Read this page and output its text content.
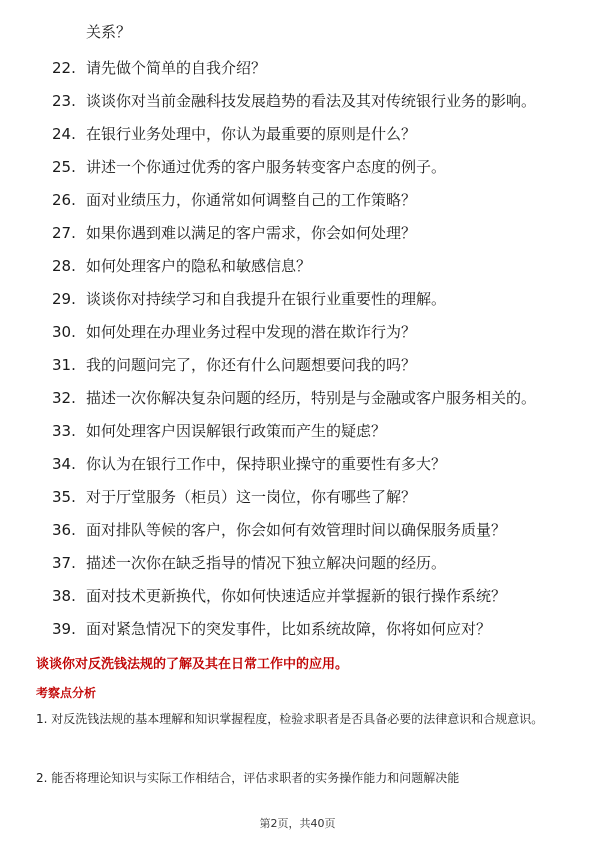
关系？
22. 请先做个简单的自我介绍？
23. 谈谈你对当前金融科技发展趋势的看法及其对传统银行业务的影响。
24. 在银行业务处理中，你认为最重要的原则是什么？
25. 讲述一个你通过优秀的客户服务转变客户态度的例子。
26. 面对业绩压力，你通常如何调整自己的工作策略？
27. 如果你遇到难以满足的客户需求，你会如何处理？
28. 如何处理客户的隐私和敏感信息？
29. 谈谈你对持续学习和自我提升在银行业重要性的理解。
30. 如何处理在办理业务过程中发现的潜在欺诈行为？
31. 我的问题问完了，你还有什么问题想要问我的吗？
32. 描述一次你解决复杂问题的经历，特别是与金融或客户服务相关的。
33. 如何处理客户因误解银行政策而产生的疑虑？
34. 你认为在银行工作中，保持职业操守的重要性有多大？
35. 对于厅堂服务（柜员）这一岗位，你有哪些了解？
36. 面对排队等候的客户，你会如何有效管理时间以确保服务质量？
37. 描述一次你在缺乏指导的情况下独立解决问题的经历。
38. 面对技术更新换代，你如何快速适应并掌握新的银行操作系统？
39. 面对紧急情况下的突发事件，比如系统故障，你将如何应对？
谈谈你对反洗钱法规的了解及其在日常工作中的应用。
考察点分析
1. 对反洗钱法规的基本理解和知识掌握程度，检验求职者是否具备必要的法律意识和合规意识。
2. 能否将理论知识与实际工作相结合，评估求职者的实务操作能力和问题解决能
第2页，共40页
